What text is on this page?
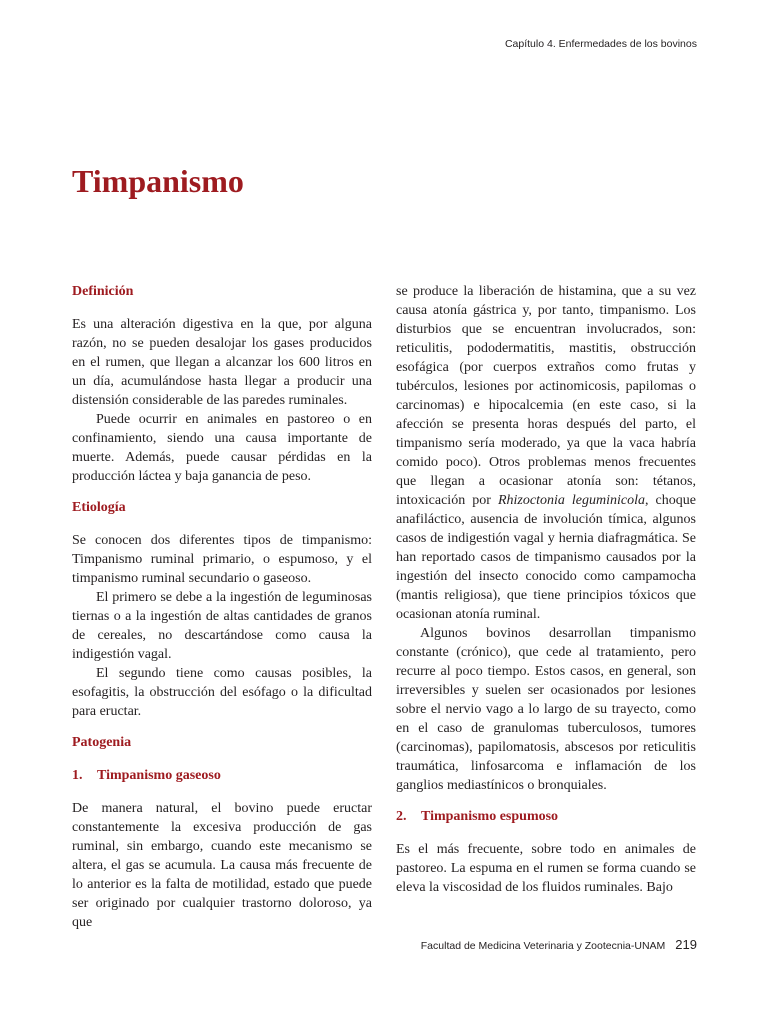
Capítulo 4. Enfermedades de los bovinos
Timpanismo
Definición

Es una alteración digestiva en la que, por alguna razón, no se pueden desalojar los gases producidos en el rumen, que llegan a alcanzar los 600 litros en un día, acumulándose hasta llegar a producir una distensión considerable de las paredes ruminales.

Puede ocurrir en animales en pastoreo o en confinamiento, siendo una causa importante de muerte. Además, puede causar pérdidas en la producción láctea y baja ganancia de peso.

Etiología

Se conocen dos diferentes tipos de timpanismo: Timpanismo ruminal primario, o espumoso, y el timpanismo ruminal secundario o gaseoso.

El primero se debe a la ingestión de leguminosas tiernas o a la ingestión de altas cantidades de granos de cereales, no descartándose como causa la indigestión vagal.

El segundo tiene como causas posibles, la esofagitis, la obstrucción del esófago o la dificultad para eructar.

Patogenia
1. Timpanismo gaseoso

De manera natural, el bovino puede eructar constantemente la excesiva producción de gas ruminal, sin embargo, cuando este mecanismo se altera, el gas se acumula. La causa más frecuente de lo anterior es la falta de motilidad, estado que puede ser originado por cualquier trastorno doloroso, ya que

se produce la liberación de histamina, que a su vez causa atonía gástrica y, por tanto, timpanismo. Los disturbios que se encuentran involucrados, son: reticulitis, pododermatitis, mastitis, obstrucción esofágica (por cuerpos extraños como frutas y tubérculos, lesiones por actinomicosis, papilomas o carcinomas) e hipocalcemia (en este caso, si la afección se presenta horas después del parto, el timpanismo sería moderado, ya que la vaca habría comido poco). Otros problemas menos frecuentes que llegan a ocasionar atonía son: tétanos, intoxicación por Rhizoctonia leguminicola, choque anafiláctico, ausencia de involución tímica, algunos casos de indigestión vagal y hernia diafragmática. Se han reportado casos de timpanismo causados por la ingestión del insecto conocido como campamocha (mantis religiosa), que tiene principios tóxicos que ocasionan atonía ruminal.

Algunos bovinos desarrollan timpanismo constante (crónico), que cede al tratamiento, pero recurre al poco tiempo. Estos casos, en general, son irreversibles y suelen ser ocasionados por lesiones sobre el nervio vago a lo largo de su trayecto, como en el caso de granulomas tuberculosos, tumores (carcinomas), papilomatosis, abscesos por reticulitis traumática, linfosarcoma e inflamación de los ganglios mediastínicos o bronquiales.

2. Timpanismo espumoso

Es el más frecuente, sobre todo en animales de pastoreo. La espuma en el rumen se forma cuando se eleva la viscosidad de los fluidos ruminales. Bajo

Facultad de Medicina Veterinaria y Zootecnia-UNAM 219
